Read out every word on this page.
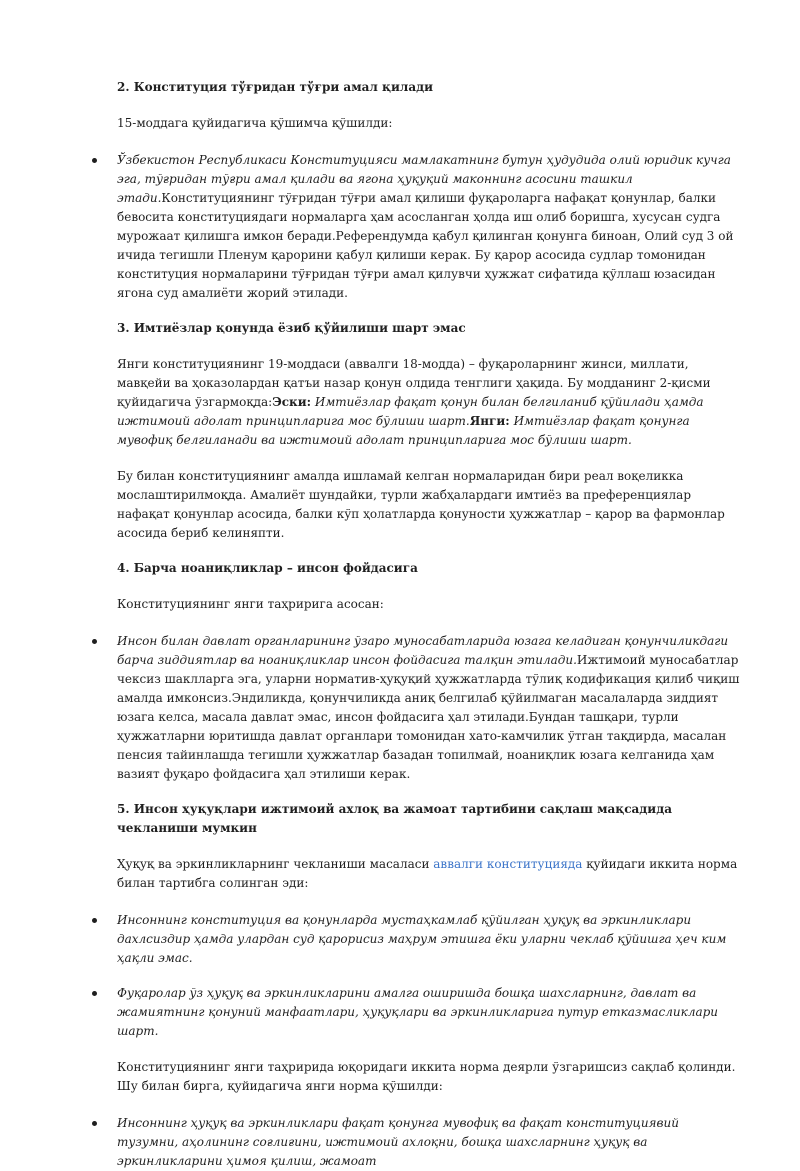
2. Конституция тўғридан тўғри амал қилади

15-моддага қуйидагича қўшимча қўшилди:

Ўзбекистон Республикаси Конституцияси мамлакатнинг бутун ҳудудида олий юридик кучга эга, тўғридан тўғри амал қилади ва ягона ҳуқуқий маконнинг асосини ташкил этади.Конституциянинг тўғридан тўғри амал қилиши фуқароларга нафақат қонунлар, балки бевосита конституциядаги нормаларга ҳам асосланган ҳолда иш олиб боришга, хусусан судга мурожаат қилишга имкон беради.Референдумда қабул қилинган қонунга биноан, Олий суд 3 ой ичида тегишли Пленум қарорини қабул қилиши керак. Бу қарор асосида судлар томонидан конституция нормаларини тўғридан тўғри амал қилувчи ҳужжат сифатида қўллаш юзасидан ягона суд амалиёти жорий этилади.
3. Имтиёзлар қонунда ёзиб қўйилиши шарт эмас

Янги конституциянинг 19-моддаси (аввалги 18-модда) – фуқароларнинг жинси, миллати, мавқейи ва ҳоказолардан қатъи назар қонун олдида тенглиги ҳақида. Бу модданинг 2-қисми қуйидагича ўзгармоқда:Эски: Имтиёзлар фақат қонун билан белгиланиб қўйилади ҳамда ижтимоий адолат принципларига мос бўлиши шарт.Янги: Имтиёзлар фақат қонунга мувофиқ белгиланади ва ижтимоий адолат принципларига мос бўлиши шарт.

Бу билан конституциянинг амалда ишламай келган нормаларидан бири реал воқеликка мослаштирилмоқда. Амалиёт шундайки, турли жабҳалардаги имтиёз ва преференциялар нафақат қонунлар асосида, балки кўп ҳолатларда қонуности ҳужжатлар – қарор ва фармонлар асосида бериб келиняпти.

4. Барча ноаниқликлар – инсон фойдасига

Конституциянинг янги таҳририга асосан:

Инсон билан давлат органларининг ўзаро муносабатларида юзага келадиган қонунчиликдаги барча зиддиятлар ва ноаниқликлар инсон фойдасига талқин этилади.Ижтимоий муносабатлар чексиз шаклларга эга, уларни норматив-ҳуқуқий ҳужжатларда тўлиқ кодификация қилиб чиқиш амалда имконсиз.Эндиликда, қонунчиликда аниқ белгилаб қўйилмаган масалаларда зиддият юзага келса, масала давлат эмас, инсон фойдасига ҳал этилади.Бундан ташқари, турли ҳужжатларни юритишда давлат органлари томонидан хато-камчилик ўтган тақдирда, масалан пенсия тайинлашда тегишли ҳужжатлар базадан топилмай, ноаниқлик юзага келганида ҳам вазият фуқаро фойдасига ҳал этилиши керак.
5. Инсон ҳуқуқлари ижтимоий ахлоқ ва жамоат тартибини сақлаш мақсадида чекланиши мумкин

Ҳуқуқ ва эркинликларнинг чекланиши масаласи аввалги конституцияда қуйидаги иккита норма билан тартибга солинган эди:

Инсоннинг конституция ва қонунларда мустаҳкамлаб қўйилган ҳуқуқ ва эркинликлари дахлсиздир ҳамда улардан суд қарорисиз маҳрум этишга ёки уларни чеклаб қўйишга ҳеч ким ҳақли эмас.
Фуқаролар ўз ҳуқуқ ва эркинликларини амалга оширишда бошқа шахсларнинг, давлат ва жамиятнинг қонуний манфаатлари, ҳуқуқлари ва эркинликларига путур етказмасликлари шарт.

Конституциянинг янги таҳририда юқоридаги иккита норма деярли ўзгаришсиз сақлаб қолинди. Шу билан бирга, қуйидагича янги норма қўшилди:

Инсоннинг ҳуқуқ ва эркинликлари фақат қонунга мувофиқ ва фақат конституциявий тузумни, аҳолининг соғлиғини, ижтимоий ахлоқни, бошқа шахсларнинг ҳуқуқ ва эркинликларини ҳимоя қилиш, жамоат
